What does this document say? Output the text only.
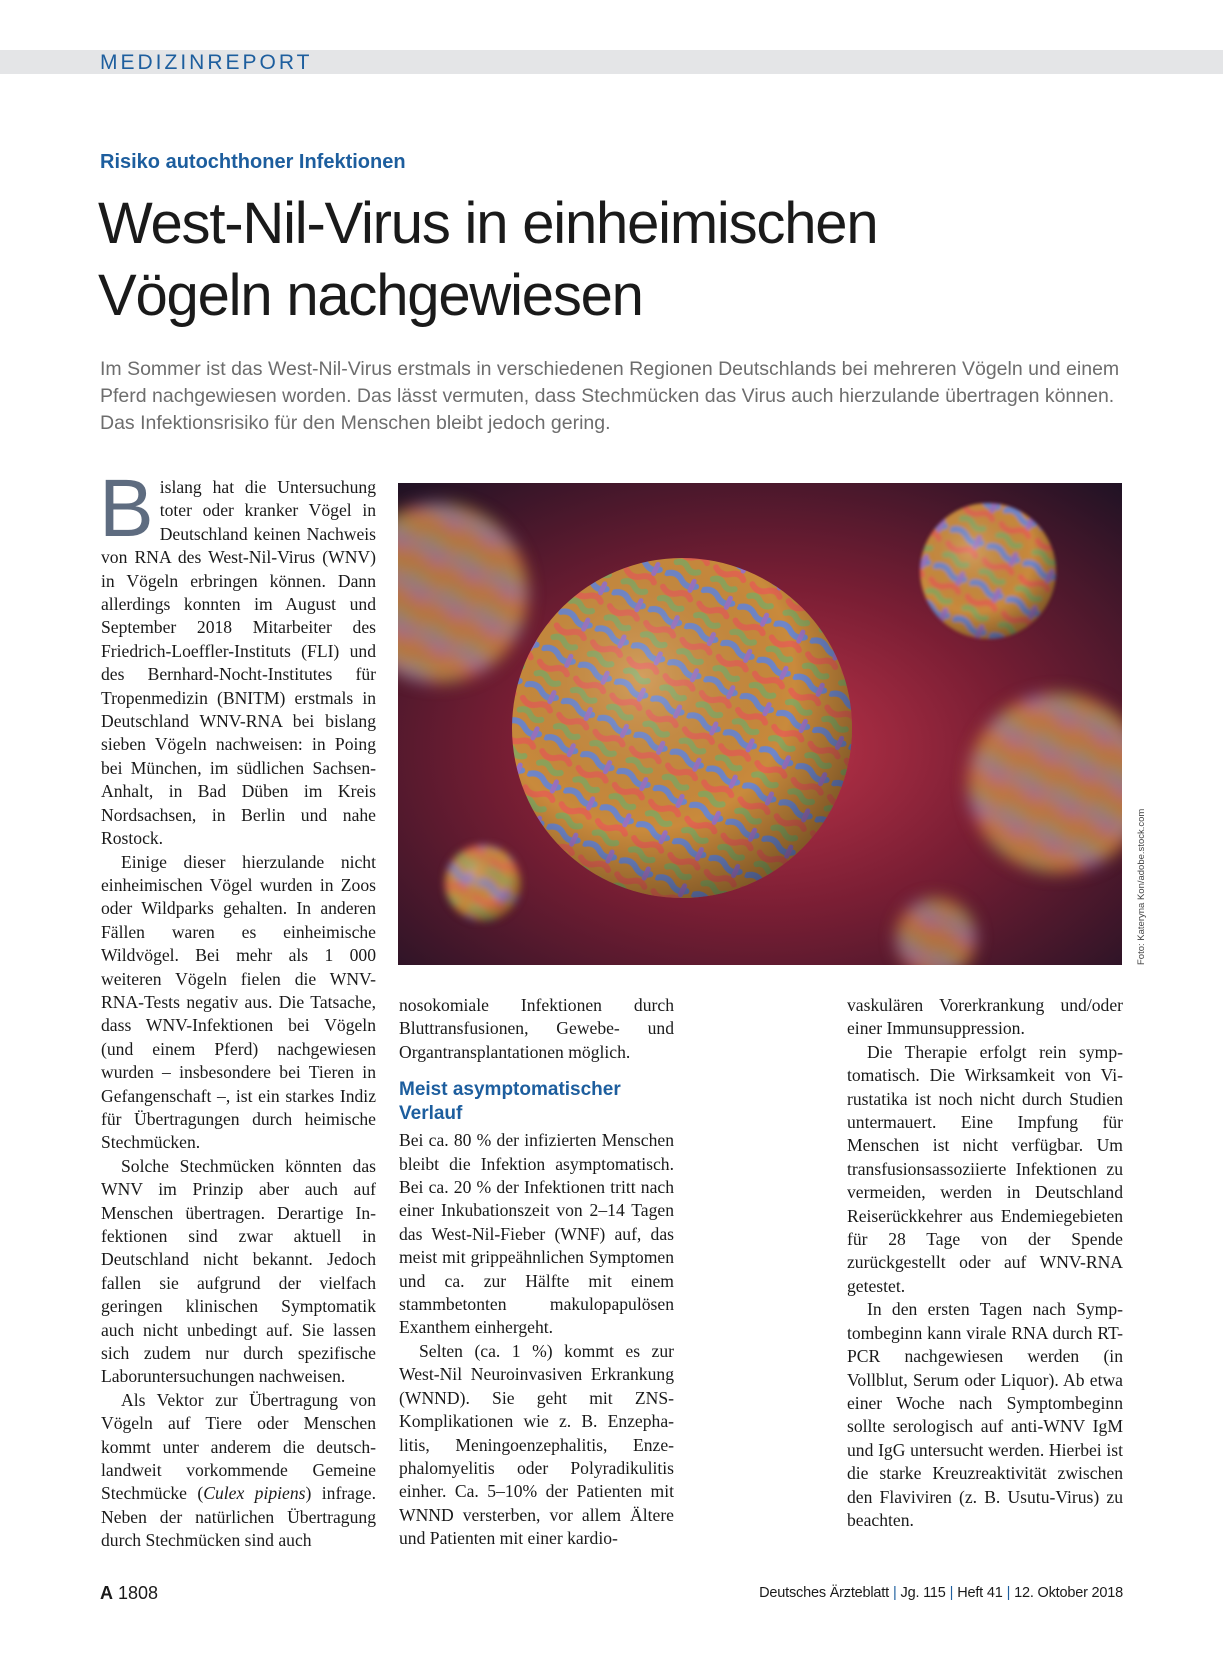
MEDIZINREPORT
Risiko autochthoner Infektionen
West-Nil-Virus in einheimischen
Vögeln nachgewiesen
Im Sommer ist das West-Nil-Virus erstmals in verschiedenen Regionen Deutschlands bei mehreren Vögeln und einem Pferd nachgewiesen worden. Das lässt vermuten, dass Stechmücken das Virus auch hierzulande übertragen können. Das Infektionsrisiko für den Menschen bleibt jedoch gering.

Bislang hat die Untersuchung toter oder kranker Vögel in Deutschland keinen Nachweis von RNA des West-Nil-Virus (WNV) in Vögeln erbringen können. Dann allerdings konnten im August und September 2018 Mitarbeiter des Friedrich-Loeffler-Instituts (FLI) und des Bernhard-Nocht-Institutes für Tropenmedizin (BNITM) erstmals in Deutschland WNV-RNA bei bislang sieben Vögeln nachweisen: in Poing bei München, im südlichen Sachsen-Anhalt, in Bad Düben im Kreis Nordsachsen, in Berlin und nahe Rostock.

Einige dieser hierzulande nicht einheimischen Vögel wurden in Zoos oder Wildparks gehalten. In anderen Fällen waren es einheimische Wildvögel. Bei mehr als 1 000 weiteren Vögeln fielen die WNV-RNA-Tests negativ aus. Die Tatsache, dass WNV-Infektionen bei Vögeln (und einem Pferd) nachgewiesen wurden – insbesondere bei Tieren in Gefangenschaft –, ist ein starkes Indiz für Übertragungen durch heimische Stechmücken.

Solche Stechmücken könnten das WNV im Prinzip aber auch auf Menschen übertragen. Derartige Infektionen sind zwar aktuell in Deutschland nicht bekannt. Jedoch fallen sie aufgrund der vielfach geringen klinischen Symptomatik auch nicht unbedingt auf. Sie lassen sich zudem nur durch spezifische Laboruntersuchungen nachweisen.

Als Vektor zur Übertragung von Vögeln auf Tiere oder Menschen kommt unter anderem die deutschlandweit vorkommende Gemeine Stechmücke (Culex pipiens) infrage. Neben der natürlichen Übertragung durch Stechmücken sind auch

Foto: Kateryna Kon/adobe.stock.com

nosokomiale Infektionen durch Bluttransfusionen, Gewebe- und Organtransplantationen möglich.

Meist asymptomatischer Verlauf

Bei ca. 80 % der infizierten Menschen bleibt die Infektion asymptomatisch. Bei ca. 20 % der Infektionen tritt nach einer Inkubationszeit von 2–14 Tagen das West-Nil-Fieber (WNF) auf, das meist mit grippeähnlichen Symptomen und ca. zur Hälfte mit einem stammbetonten makulopapulösen Exanthem einhergeht.

Selten (ca. 1 %) kommt es zur West-Nil Neuroinvasiven Erkrankung (WNND). Sie geht mit ZNS-Komplikationen wie z. B. Enzephalitis, Meningoenzephalitis, Enzephalomyelitis oder Polyradikulitis einher. Ca. 5–10% der Patienten mit WNND versterben, vor allem Ältere und Patienten mit einer kardio-

vaskulären Vorerkrankung und/oder einer Immunsuppression.

Die Therapie erfolgt rein symptomatisch. Die Wirksamkeit von Virustatika ist noch nicht durch Studien untermauert. Eine Impfung für Menschen ist nicht verfügbar. Um transfusionsassoziierte Infektionen zu vermeiden, werden in Deutschland Reiserückkehrer aus Endemiegebieten für 28 Tage von der Spende zurückgestellt oder auf WNV-RNA getestet.

In den ersten Tagen nach Symptombeginn kann virale RNA durch RT-PCR nachgewiesen werden (in Vollblut, Serum oder Liquor). Ab etwa einer Woche nach Symptombeginn sollte serologisch auf anti-WNV IgM und IgG untersucht werden. Hierbei ist die starke Kreuzreaktivität zwischen den Flaviviren (z. B. Usutu-Virus) zu beachten.

A 1808	Deutsches Ärzteblatt | Jg. 115 | Heft 41 | 12. Oktober 2018
